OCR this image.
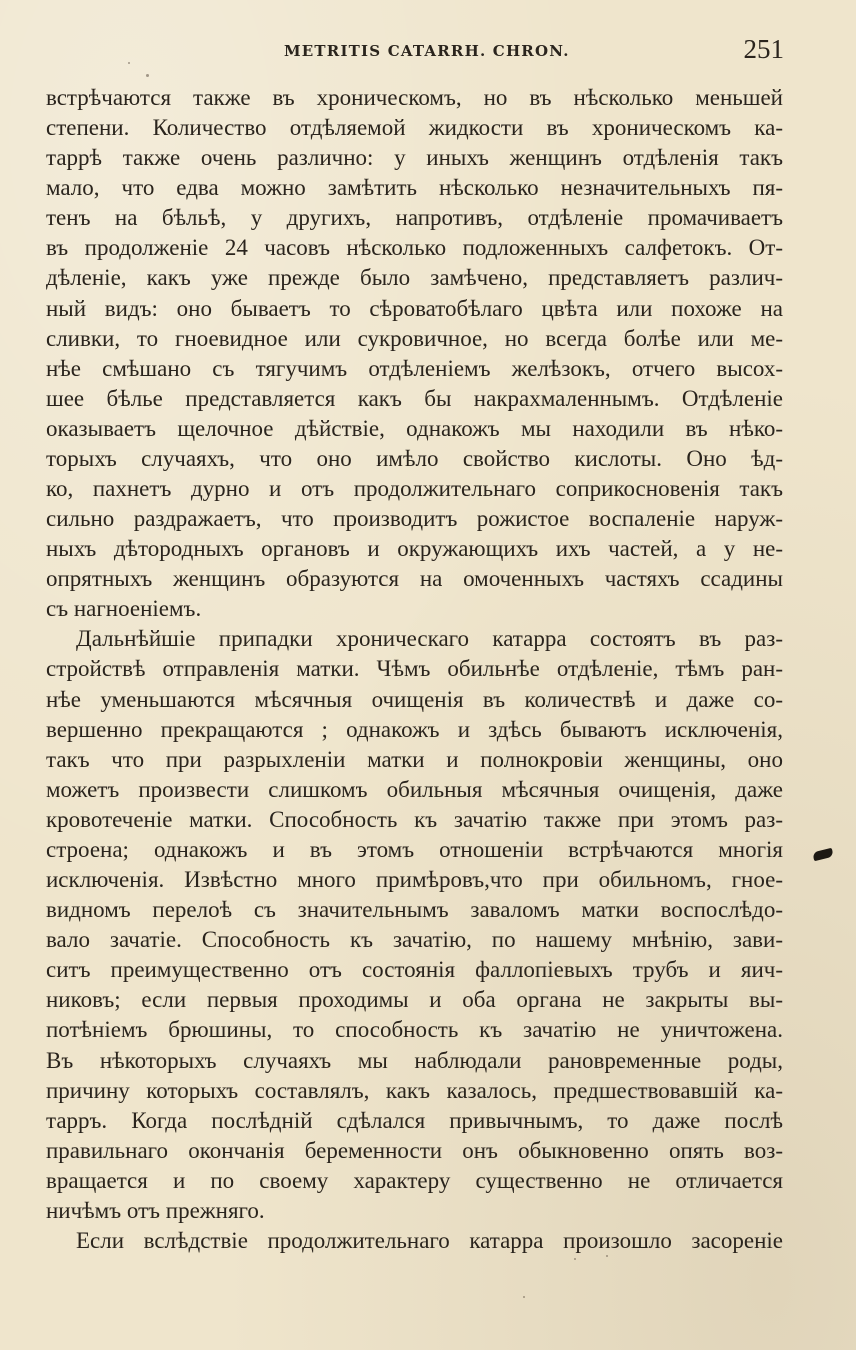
METRITIS CATARRH. CHRON.	251
встрѣчаются также въ хроническомъ, но въ нѣсколько меньшей
степени. Количество отдѣляемой жидкости въ хроническомъ ка-
таррѣ также очень различно: у иныхъ женщинъ отдѣленія такъ
мало, что едва можно замѣтить нѣсколько незначительныхъ пя-
тенъ на бѣльѣ, у другихъ, напротивъ, отдѣленіе промачиваетъ
въ продолженіе 24 часовъ нѣсколько подложенныхъ салфетокъ. От-
дѣленіе, какъ уже прежде было замѣчено, представляетъ различ-
ный видъ: оно бываетъ то сѣроватобѣлаго цвѣта или похоже на
сливки, то гноевидное или сукровичное, но всегда болѣе или ме-
нѣе смѣшано съ тягучимъ отдѣленіемъ желѣзокъ, отчего высох-
шее бѣлье представляется какъ бы накрахмаленнымъ. Отдѣленіе
оказываетъ щелочное дѣйствіе, однакожъ мы находили въ нѣко-
торыхъ случаяхъ, что оно имѣло свойство кислоты. Оно ѣд-
ко, пахнетъ дурно и отъ продолжительнаго соприкосновенія такъ
сильно раздражаетъ, что производитъ рожистое воспаленіе наруж-
ныхъ дѣтородныхъ органовъ и окружающихъ ихъ частей, а у не-
опрятныхъ женщинъ образуются на омоченныхъ частяхъ ссадины
съ нагноеніемъ.
Дальнѣйшіе припадки хроническаго катарра состоятъ въ раз-
стройствѣ отправленія матки. Чѣмъ обильнѣе отдѣленіе, тѣмъ ран-
нѣе уменьшаются мѣсячныя очищенія въ количествѣ и даже со-
вершенно прекращаются ; однакожъ и здѣсь бываютъ исключенія,
такъ что при разрыхленіи матки и полнокровіи женщины, оно
можетъ произвести слишкомъ обильныя мѣсячныя очищенія, даже
кровотеченіе матки. Способность къ зачатію также при этомъ раз-
строена; однакожъ и въ этомъ отношеніи встрѣчаются многія
исключенія. Извѣстно много примѣровъ,что при обильномъ, гное-
видномъ перелоѣ съ значительнымъ заваломъ матки воспослѣдо-
вало зачатіе. Способность къ зачатію, по нашему мнѣнію, зави-
ситъ преимущественно отъ состоянія фаллопіевыхъ трубъ и яич-
никовъ; если первыя проходимы и оба органа не закрыты вы-
потѣніемъ брюшины, то способность къ зачатію не уничтожена.
Въ нѣкоторыхъ случаяхъ мы наблюдали рановременные роды,
причину которыхъ составлялъ, какъ казалось, предшествовавшій ка-
тарръ. Когда послѣдній сдѣлался привычнымъ, то даже послѣ
правильнаго окончанія беременности онъ обыкновенно опять воз-
вращается и по своему характеру существенно не отличается
ничѣмъ отъ прежняго.
Если вслѣдствіе продолжительнаго катарра произошло засореніе
